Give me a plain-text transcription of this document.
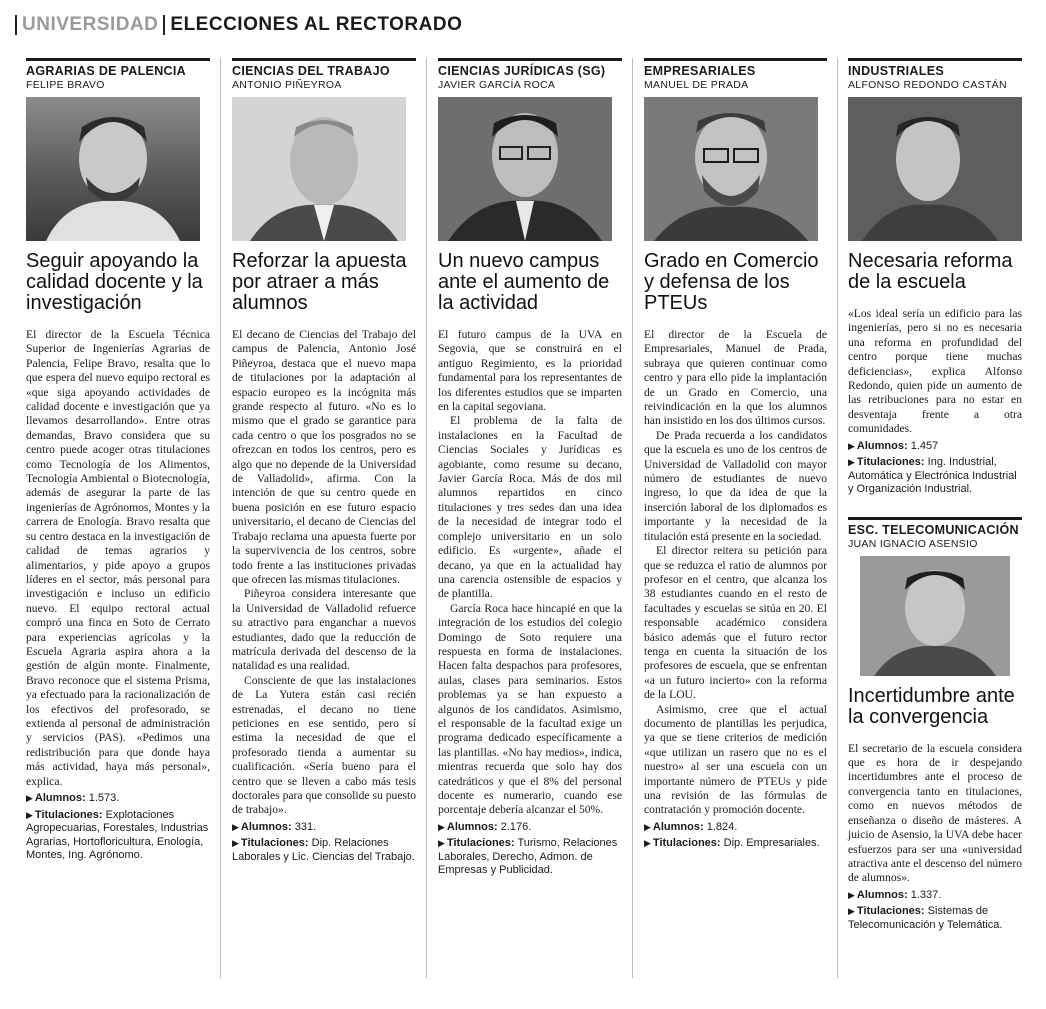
UNIVERSIDAD ELECCIONES AL RECTORADO
AGRARIAS DE PALENCIA
FELIPE BRAVO
Seguir apoyando la calidad docente y la investigación

El director de la Escuela Técnica Superior de Ingenierías Agrarias de Palencia, Felipe Bravo, resalta que lo que espera del nuevo equipo rectoral es «que siga apoyando actividades de calidad docente e investigación que ya llevamos desarrollando». Entre otras demandas, Bravo considera que su centro puede acoger otras titulaciones como Tecnología de los Alimentos, Tecnología Ambiental o Biotecnología, además de asegurar la parte de las ingenierías de Agrónomos, Montes y la carrera de Enología. Bravo resalta que su centro destaca en la investigación de calidad de temas agrarios y alimentarios, y pide apoyo a grupos líderes en el sector, más personal para investigación e incluso un edificio nuevo. El equipo rectoral actual compró una finca en Soto de Cerrato para experiencias agrícolas y la Escuela Agraria aspira ahora a la gestión de algún monte. Finalmente, Bravo reconoce que el sistema Prisma, ya efectuado para la racionalización de los efectivos del profesorado, se extienda al personal de administración y servicios (PAS). «Pedimos una redistribución para que donde haya más actividad, haya más personal», explica.

▶ Alumnos: 1.573.
▶ Titulaciones: Explotaciones Agropecuarias, Forestales, Industrias Agrarias, Hortofloricultura, Enología, Montes, Ing. Agrónomo.
CIENCIAS DEL TRABAJO
ANTONIO PIÑEYROA
Reforzar la apuesta por atraer a más alumnos

El decano de Ciencias del Trabajo del campus de Palencia, Antonio José Piñeyroa, destaca que el nuevo mapa de titulaciones por la adaptación al espacio europeo es la incógnita más grande respecto al futuro. «No es lo mismo que el grado se garantice para cada centro o que los posgrados no se ofrezcan en todos los centros, pero es algo que no depende de la Universidad de Valladolid», afirma. Con la intención de que su centro quede en buena posición en ese futuro espacio universitario, el decano de Ciencias del Trabajo reclama una apuesta fuerte por la supervivencia de los centros, sobre todo frente a las instituciones privadas que ofrecen las mismas titulaciones.

Piñeyroa considera interesante que la Universidad de Valladolid refuerce su atractivo para enganchar a nuevos estudiantes, dado que la reducción de matrícula derivada del descenso de la natalidad es una realidad.

Consciente de que las instalaciones de La Yutera están casi recién estrenadas, el decano no tiene peticiones en ese sentido, pero sí estima la necesidad de que el profesorado tienda a aumentar su cualificación. «Sería bueno para el centro que se lleven a cabo más tesis doctorales para que consolide su puesto de trabajo».

▶ Alumnos: 331.
▶ Titulaciones: Dip. Relaciones Laborales y Lic. Ciencias del Trabajo.
CIENCIAS JURÍDICAS (SG)
JAVIER GARCÍA ROCA
Un nuevo campus ante el aumento de la actividad

El futuro campus de la UVA en Segovia, que se construirá en el antiguo Regimiento, es la prioridad fundamental para los representantes de los diferentes estudios que se imparten en la capital segoviana.

El problema de la falta de instalaciones en la Facultad de Ciencias Sociales y Jurídicas es agobiante, como resume su decano, Javier García Roca. Más de dos mil alumnos repartidos en cinco titulaciones y tres sedes dan una idea de la necesidad de integrar todo el complejo universitario en un solo edificio. Es «urgente», añade el decano, ya que en la actualidad hay una carencia ostensible de espacios y de plantilla.

García Roca hace hincapié en que la integración de los estudios del colegio Domingo de Soto requiere una respuesta en forma de instalaciones. Hacen falta despachos para profesores, aulas, clases para seminarios. Estos problemas ya se han expuesto a algunos de los candidatos. Asimismo, el responsable de la facultad exige un programa dedicado específicamente a las plantillas. «No hay medios», indica, mientras recuerda que solo hay dos catedráticos y que el 8% del personal docente es numerario, cuando ese porcentaje debería alcanzar el 50%.

▶ Alumnos: 2.176.
▶ Titulaciones: Turismo, Relaciones Laborales, Derecho, Admon. de Empresas y Publicidad.
EMPRESARIALES
MANUEL DE PRADA
Grado en Comercio y defensa de los PTEUs

El director de la Escuela de Empresariales, Manuel de Prada, subraya que quieren continuar como centro y para ello pide la implantación de un Grado en Comercio, una reivindicación en la que los alumnos han insistido en los dos últimos cursos.

De Prada recuerda a los candidatos que la escuela es uno de los centros de Universidad de Valladolid con mayor número de estudiantes de nuevo ingreso, lo que da idea de que la inserción laboral de los diplomados es importante y la necesidad de la titulación está presente en la sociedad.

El director reitera su petición para que se reduzca el ratio de alumnos por profesor en el centro, que alcanza los 38 estudiantes cuando en el resto de facultades y escuelas se sitúa en 20. El responsable académico considera básico además que el futuro rector tenga en cuenta la situación de los profesores de escuela, que se enfrentan «a un futuro incierto» con la reforma de la LOU.

Asimismo, cree que el actual documento de plantillas les perjudica, ya que se tiene criterios de medición «que utilizan un rasero que no es el nuestro» al ser una escuela con un importante número de PTEUs y pide una revisión de las fórmulas de contratación y promoción docente.

▶ Alumnos: 1.824.
▶ Titulaciones: Dip. Empresariales.
INDUSTRIALES
ALFONSO REDONDO CASTÁN
Necesaria reforma de la escuela

«Los ideal sería un edificio para las ingenierías, pero si no es necesaria una reforma en profundidad del centro porque tiene muchas deficiencias», explica Alfonso Redondo, quien pide un aumento de las retribuciones para no estar en desventaja frente a otra comunidades.

▶ Alumnos: 1.457
▶ Titulaciones: Ing. Industrial, Automática y Electrónica Industrial y Organización Industrial.
ESC. TELECOMUNICACIÓN
JUAN IGNACIO ASENSIO
Incertidumbre ante la convergencia

El secretario de la escuela considera que es hora de ir despejando incertidumbres ante el proceso de convergencia tanto en titulaciones, como en nuevos métodos de enseñanza o diseño de másteres. A juicio de Asensio, la UVA debe hacer esfuerzos para ser una «universidad atractiva ante el descenso del número de alumnos».

▶ Alumnos: 1.337.
▶ Titulaciones: Sistemas de Telecomunicación y Telemática.
